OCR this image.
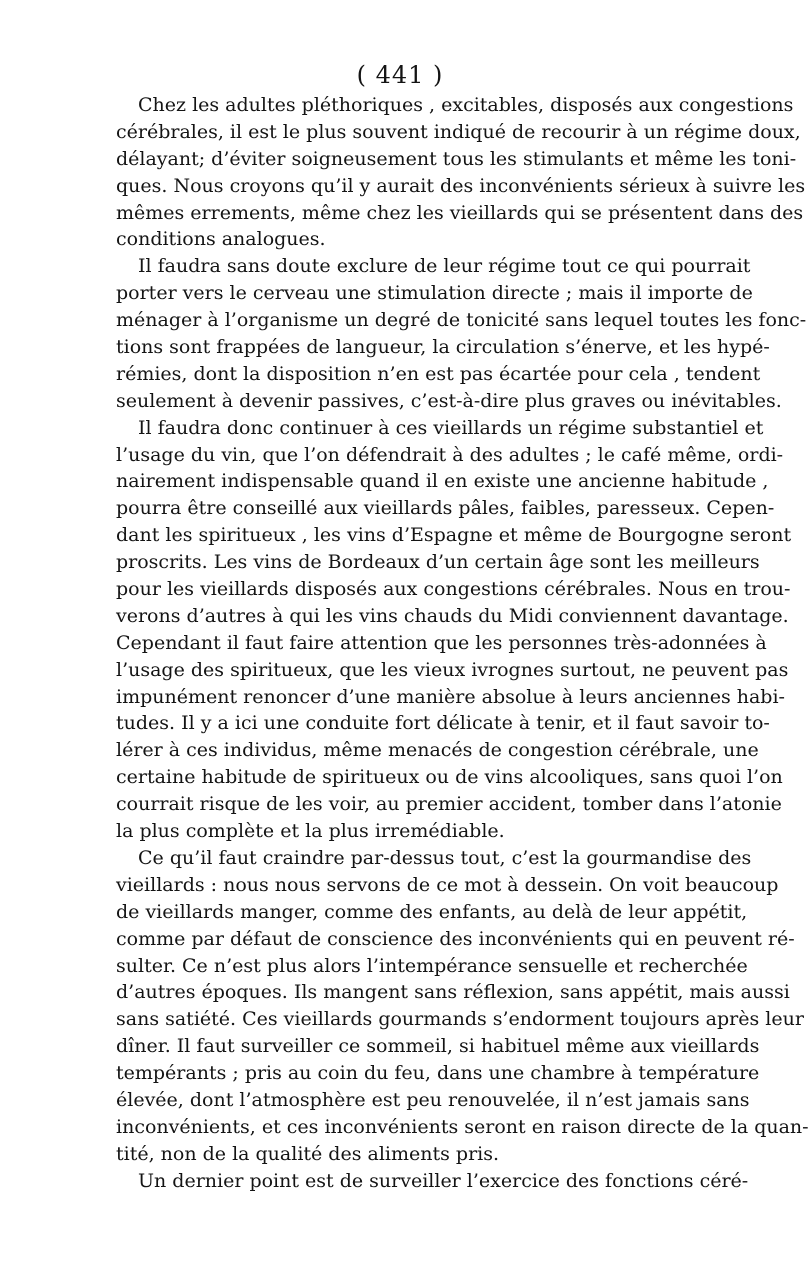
( 441 )
Chez les adultes pléthoriques , excitables, disposés aux congestions
cérébrales, il est le plus souvent indiqué de recourir à un régime doux,
délayant; d’éviter soigneusement tous les stimulants et même les toni-
ques. Nous croyons qu’il y aurait des inconvénients sérieux à suivre les
mêmes errements, même chez les vieillards qui se présentent dans des
conditions analogues.
Il faudra sans doute exclure de leur régime tout ce qui pourrait
porter vers le cerveau une stimulation directe ; mais il importe de
ménager à l’organisme un degré de tonicité sans lequel toutes les fonc-
tions sont frappées de langueur, la circulation s’énerve, et les hypé-
rémies, dont la disposition n’en est pas écartée pour cela , tendent
seulement à devenir passives, c’est-à-dire plus graves ou inévitables.
Il faudra donc continuer à ces vieillards un régime substantiel et
l’usage du vin, que l’on défendrait à des adultes ; le café même, ordi-
nairement indispensable quand il en existe une ancienne habitude ,
pourra être conseillé aux vieillards pâles, faibles, paresseux. Cepen-
dant les spiritueux , les vins d’Espagne et même de Bourgogne seront
proscrits. Les vins de Bordeaux d’un certain âge sont les meilleurs
pour les vieillards disposés aux congestions cérébrales. Nous en trou-
verons d’autres à qui les vins chauds du Midi conviennent davantage.
Cependant il faut faire attention que les personnes très-adonnées à
l’usage des spiritueux, que les vieux ivrognes surtout, ne peuvent pas
impunément renoncer d’une manière absolue à leurs anciennes habi-
tudes. Il y a ici une conduite fort délicate à tenir, et il faut savoir to-
lérer à ces individus, même menacés de congestion cérébrale, une
certaine habitude de spiritueux ou de vins alcooliques, sans quoi l’on
courrait risque de les voir, au premier accident, tomber dans l’atonie
la plus complète et la plus irremédiable.
Ce qu’il faut craindre par-dessus tout, c’est la gourmandise des
vieillards : nous nous servons de ce mot à dessein. On voit beaucoup
de vieillards manger, comme des enfants, au delà de leur appétit,
comme par défaut de conscience des inconvénients qui en peuvent ré-
sulter. Ce n’est plus alors l’intempérance sensuelle et recherchée
d’autres époques. Ils mangent sans réflexion, sans appétit, mais aussi
sans satiété. Ces vieillards gourmands s’endorment toujours après leur
dîner. Il faut surveiller ce sommeil, si habituel même aux vieillards
tempérants ; pris au coin du feu, dans une chambre à température
élevée, dont l’atmosphère est peu renouvelée, il n’est jamais sans
inconvénients, et ces inconvénients seront en raison directe de la quan-
tité, non de la qualité des aliments pris.
Un dernier point est de surveiller l’exercice des fonctions céré-
